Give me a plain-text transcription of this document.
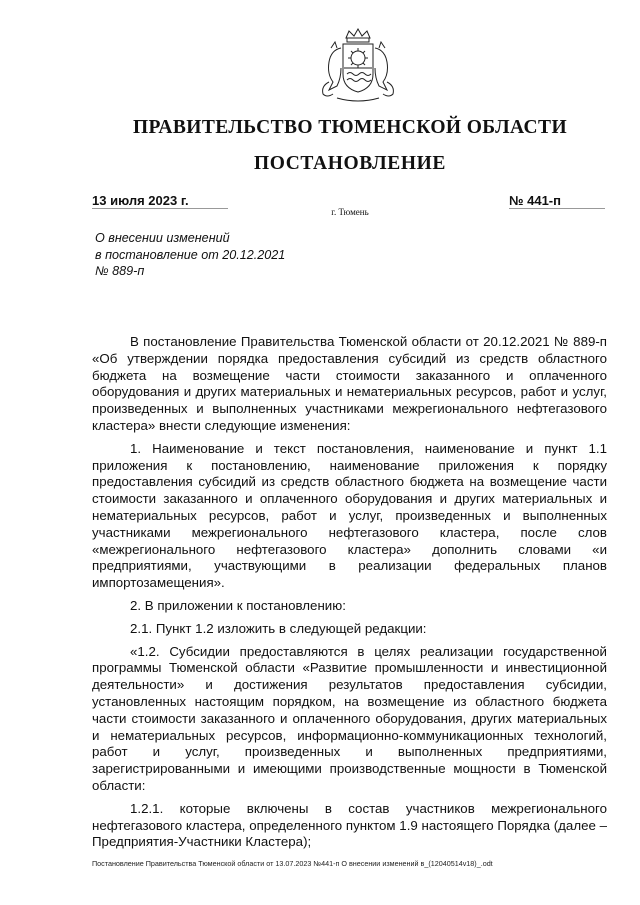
ПРАВИТЕЛЬСТВО ТЮМЕНСКОЙ ОБЛАСТИ
ПОСТАНОВЛЕНИЕ
13 июля 2023 г.	№ 441-п
г. Тюмень
О внесении изменений
в постановление от 20.12.2021
№ 889-п

В постановление Правительства Тюменской области от 20.12.2021 № 889-п «Об утверждении порядка предоставления субсидий из средств областного бюджета на возмещение части стоимости заказанного и оплаченного оборудования и других материальных и нематериальных ресурсов, работ и услуг, произведенных и выполненных участниками межрегионального нефтегазового кластера» внести следующие изменения:

1. Наименование и текст постановления, наименование и пункт 1.1 приложения к постановлению, наименование приложения к порядку предоставления субсидий из средств областного бюджета на возмещение части стоимости заказанного и оплаченного оборудования и других материальных и нематериальных ресурсов, работ и услуг, произведенных и выполненных участниками межрегионального нефтегазового кластера, после слов «межрегионального нефтегазового кластера» дополнить словами «и предприятиями, участвующими в реализации федеральных планов импортозамещения».

2. В приложении к постановлению:

2.1. Пункт 1.2 изложить в следующей редакции:

«1.2. Субсидии предоставляются в целях реализации государственной программы Тюменской области «Развитие промышленности и инвестиционной деятельности» и достижения результатов предоставления субсидии, установленных настоящим порядком, на возмещение из областного бюджета части стоимости заказанного и оплаченного оборудования, других материальных и нематериальных ресурсов, информационно-коммуникационных технологий, работ и услуг, произведенных и выполненных предприятиями, зарегистрированными и имеющими производственные мощности в Тюменской области:

1.2.1. которые включены в состав участников межрегионального нефтегазового кластера, определенного пунктом 1.9 настоящего Порядка (далее – Предприятия-Участники Кластера);

Постановление Правительства Тюменской области от 13.07.2023 №441-п О внесении изменений в_(12040514v18)_.odt
